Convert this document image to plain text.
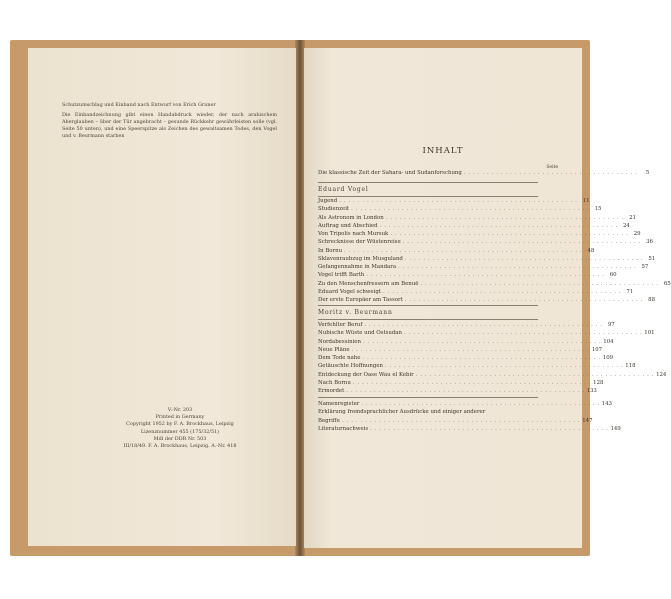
Schutzumschlag und Einband nach Entwurf von Erich Gruner

Die Einbandzeichnung gibt einen Handabdruck wieder, der nach arabischem Aberglauben – über der Tür angebracht – gesunde Rückkehr gewährleisten solle (vgl. Seite 50 unten), und eine Speerspitze als Zeichen des gewaltsamen Todes, den Vogel und v. Beurmann starben

V.-Nr. 203
Printed in Germany
Copyright 1952 by F. A. Brockhaus, Leipzig
Lizenznummer 455 (175/32/51)
Mdl der DDR Nr. 503
III/18/49. F. A. Brockhaus, Leipzig. A.-Nr. 418
INHALT
Seite
Die klassische Zeit der Sahara- und Sudanforschung . . . . . . . . . . . . . . . . . . . . . . . . . . . . . . . . . . . . . .	5
Eduard Vogel
Jugend . . . . . . . . . . . . . . . . . . . . . . . . . . . . . . . . . . . . . . . . . . . . . . . . . . . . 11
Studienzeit . . . . . . . . . . . . . . . . . . . . . . . . . . . . . . . . . . . . . . . . . . . . . . . . . . . . 15
Als Astronom in London . . . . . . . . . . . . . . . . . . . . . . . . . . . . . . . . . . . . . . . . . . . . . . . . . . . . 21
Auftrag und Abschied . . . . . . . . . . . . . . . . . . . . . . . . . . . . . . . . . . . . . . . . . . . . . . . . . . . . 24
Von Tripolis nach Mursuk . . . . . . . . . . . . . . . . . . . . . . . . . . . . . . . . . . . . . . . . . . . . . . . . . . . . 29
Schrecknisse der Wüstenreise . . . . . . . . . . . . . . . . . . . . . . . . . . . . . . . . . . . . . . . . . . . . . . . . . . . . 36
In Bornu . . . . . . . . . . . . . . . . . . . . . . . . . . . . . . . . . . . . . . . . . . . . . . . . . . . . 48
Sklavenraubzug im Musguland . . . . . . . . . . . . . . . . . . . . . . . . . . . . . . . . . . . . . . . . . . . . . . . . . . . . 51
Gefangennahme in Mandara . . . . . . . . . . . . . . . . . . . . . . . . . . . . . . . . . . . . . . . . . . . . . . . . . . . . 57
Vogel trifft Barth . . . . . . . . . . . . . . . . . . . . . . . . . . . . . . . . . . . . . . . . . . . . . . . . . . . . 60
Zu den Menschenfressern am Benuë . . . . . . . . . . . . . . . . . . . . . . . . . . . . . . . . . . . . . . . . . . . . . . . . . . . . 65
Eduard Vogel schweigt . . . . . . . . . . . . . . . . . . . . . . . . . . . . . . . . . . . . . . . . . . . . . . . . . . . . 71
Der erste Europäer am Tassort . . . . . . . . . . . . . . . . . . . . . . . . . . . . . . . . . . . . . . . . . . . . . . . . . . . . 88
Moritz v. Beurmann
Verfehlter Beruf . . . . . . . . . . . . . . . . . . . . . . . . . . . . . . . . . . . . . . . . . . . . . . . . . . . . 97
Nubische Wüste und Ostsudan . . . . . . . . . . . . . . . . . . . . . . . . . . . . . . . . . . . . . . . . . . . . . . . . . . . . 101
Nordabessinien . . . . . . . . . . . . . . . . . . . . . . . . . . . . . . . . . . . . . . . . . . . . . . . . . . . . 104
Neue Pläne . . . . . . . . . . . . . . . . . . . . . . . . . . . . . . . . . . . . . . . . . . . . . . . . . . . . 107
Dem Tode nahe . . . . . . . . . . . . . . . . . . . . . . . . . . . . . . . . . . . . . . . . . . . . . . . . . . . . 109
Getäuschte Hoffnungen . . . . . . . . . . . . . . . . . . . . . . . . . . . . . . . . . . . . . . . . . . . . . . . . . . . . 118
Entdeckung der Oase Wau el Kebir . . . . . . . . . . . . . . . . . . . . . . . . . . . . . . . . . . . . . . . . . . . . . . . . . . . . 124
Nach Bornu . . . . . . . . . . . . . . . . . . . . . . . . . . . . . . . . . . . . . . . . . . . . . . . . . . . . 128
Ermordet . . . . . . . . . . . . . . . . . . . . . . . . . . . . . . . . . . . . . . . . . . . . . . . . . . . . 133
Namenregister . . . . . . . . . . . . . . . . . . . . . . . . . . . . . . . . . . . . . . . . . . . . . . . . . . . . 143
Erklärung fremdsprachlicher Ausdrücke und einiger anderer
Begriffe . . . . . . . . . . . . . . . . . . . . . . . . . . . . . . . . . . . . . . . . . . . . . . . . . . . . 147
Literaturnachweis . . . . . . . . . . . . . . . . . . . . . . . . . . . . . . . . . . . . . . . . . . . . . . . . . . . . 149
